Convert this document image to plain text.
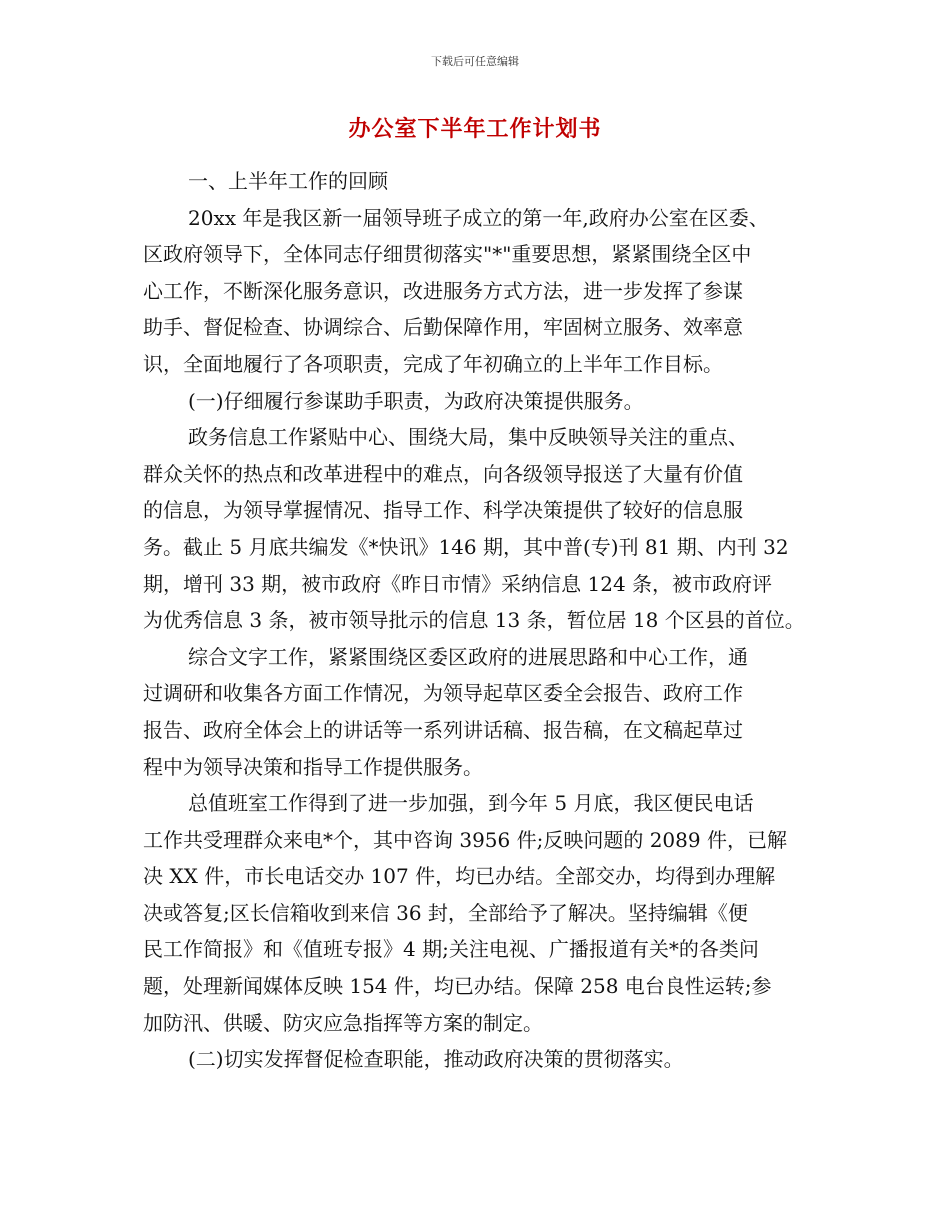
下载后可任意编辑
办公室下半年工作计划书
一、上半年工作的回顾
20xx 年是我区新一届领导班子成立的第一年,政府办公室在区委、
区政府领导下，全体同志仔细贯彻落实"*"重要思想，紧紧围绕全区中
心工作，不断深化服务意识，改进服务方式方法，进一步发挥了参谋
助手、督促检查、协调综合、后勤保障作用，牢固树立服务、效率意
识，全面地履行了各项职责，完成了年初确立的上半年工作目标。
(一)仔细履行参谋助手职责，为政府决策提供服务。
政务信息工作紧贴中心、围绕大局，集中反映领导关注的重点、
群众关怀的热点和改革进程中的难点，向各级领导报送了大量有价值
的信息，为领导掌握情况、指导工作、科学决策提供了较好的信息服
务。截止 5 月底共编发《*快讯》146 期，其中普(专)刊 81 期、内刊 32
期，增刊 33 期，被市政府《昨日市情》采纳信息 124 条，被市政府评
为优秀信息 3 条，被市领导批示的信息 13 条，暂位居 18 个区县的首位。
综合文字工作，紧紧围绕区委区政府的进展思路和中心工作，通
过调研和收集各方面工作情况，为领导起草区委全会报告、政府工作
报告、政府全体会上的讲话等一系列讲话稿、报告稿，在文稿起草过
程中为领导决策和指导工作提供服务。
总值班室工作得到了进一步加强，到今年 5 月底，我区便民电话
工作共受理群众来电*个，其中咨询 3956 件;反映问题的 2089 件，已解
决 XX 件，市长电话交办 107 件，均已办结。全部交办，均得到办理解
决或答复;区长信箱收到来信 36 封，全部给予了解决。坚持编辑《便
民工作简报》和《值班专报》4 期;关注电视、广播报道有关*的各类问
题，处理新闻媒体反映 154 件，均已办结。保障 258 电台良性运转;参
加防汛、供暖、防灾应急指挥等方案的制定。
(二)切实发挥督促检查职能，推动政府决策的贯彻落实。
